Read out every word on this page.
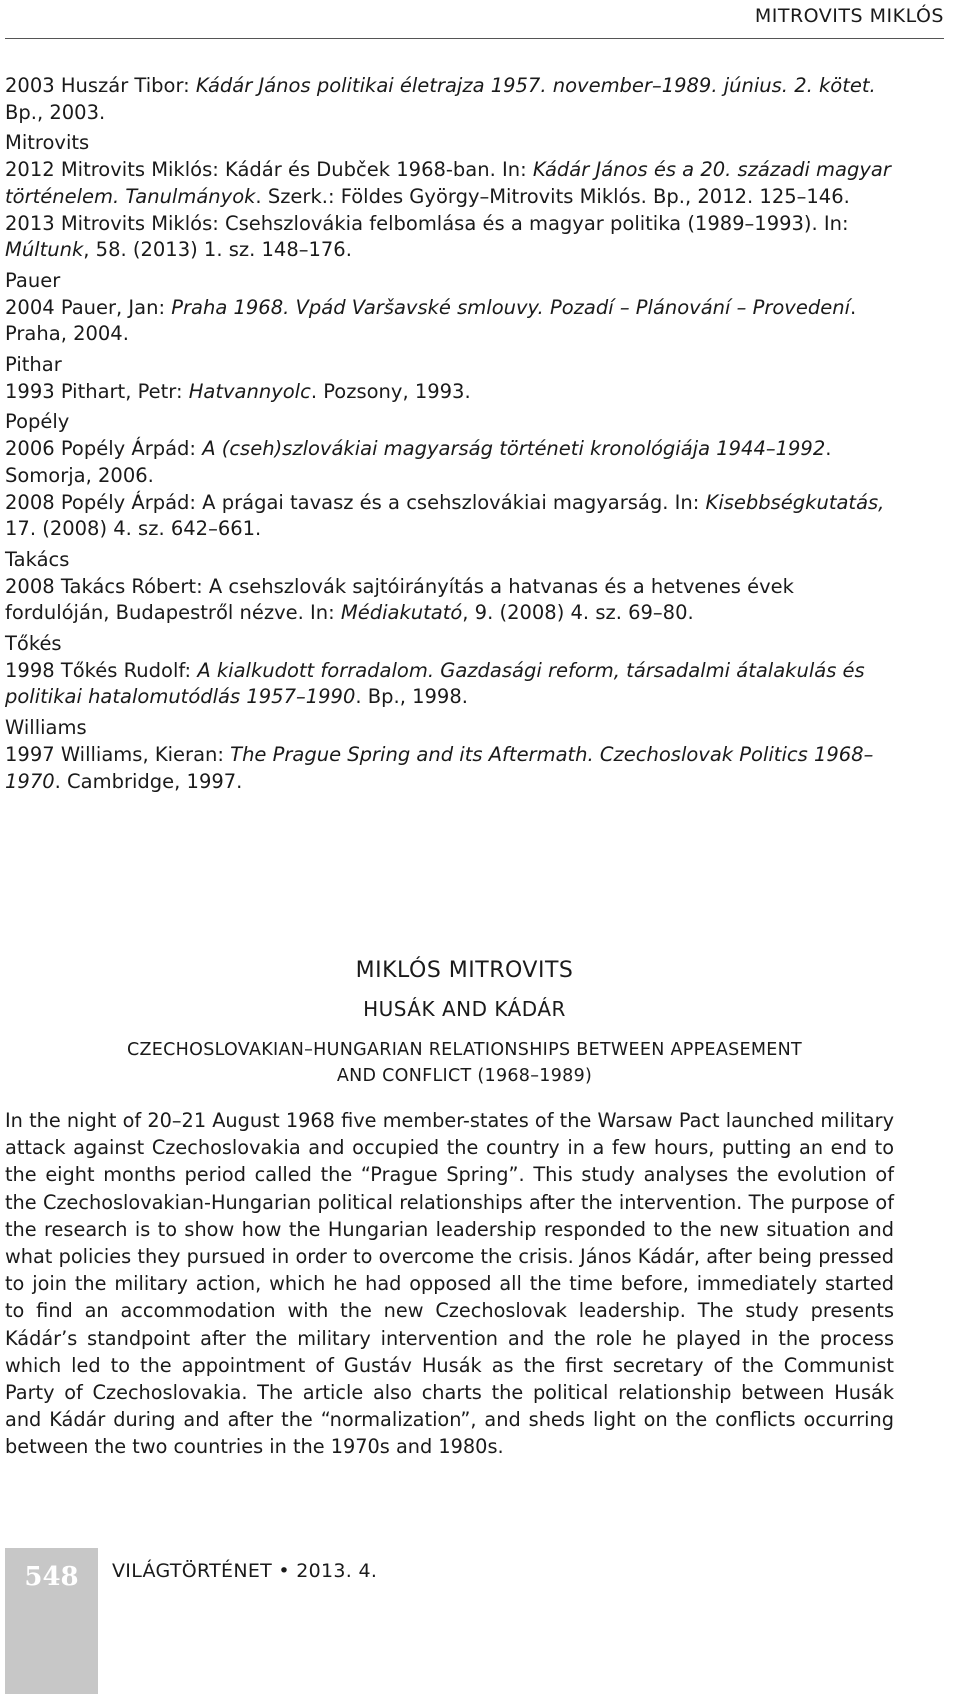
MITROVITS MIKLÓS
2003 Huszár Tibor: Kádár János politikai életrajza 1957. november–1989. június. 2. kötet. Bp., 2003.
Mitrovits
2012 Mitrovits Miklós: Kádár és Dubček 1968-ban. In: Kádár János és a 20. századi magyar történelem. Tanulmányok. Szerk.: Földes György–Mitrovits Miklós. Bp., 2012. 125–146.
2013 Mitrovits Miklós: Csehszlovákia felbomlása és a magyar politika (1989–1993). In: Múltunk, 58. (2013) 1. sz. 148–176.
Pauer
2004 Pauer, Jan: Praha 1968. Vpád Varšavské smlouvy. Pozadí – Plánování – Provedení. Praha, 2004.
Pithar
1993 Pithart, Petr: Hatvannyolc. Pozsony, 1993.
Popély
2006 Popély Árpád: A (cseh)szlovákiai magyarság történeti kronológiája 1944–1992. Somorja, 2006.
2008 Popély Árpád: A prágai tavasz és a csehszlovákiai magyarság. In: Kisebbségkutatás, 17. (2008) 4. sz. 642–661.
Takács
2008 Takács Róbert: A csehszlovák sajtóirányítás a hatvanas és a hetvenes évek fordulóján, Budapestről nézve. In: Médiakutató, 9. (2008) 4. sz. 69–80.
Tőkés
1998 Tőkés Rudolf: A kialkudott forradalom. Gazdasági reform, társadalmi átalakulás és politikai hatalomutódlás 1957–1990. Bp., 1998.
Williams
1997 Williams, Kieran: The Prague Spring and its Aftermath. Czechoslovak Politics 1968–1970. Cambridge, 1997.
MIKLÓS MITROVITS
HUSÁK AND KÁDÁR
CZECHOSLOVAKIAN–HUNGARIAN RELATIONSHIPS BETWEEN APPEASEMENT
AND CONFLICT (1968–1989)
In the night of 20–21 August 1968 five member-states of the Warsaw Pact launched military attack against Czechoslovakia and occupied the country in a few hours, putting an end to the eight months period called the “Prague Spring”. This study analyses the evolution of the Czechoslovakian-Hungarian political relationships after the intervention. The purpose of the research is to show how the Hungarian leadership responded to the new situation and what policies they pursued in order to overcome the crisis. János Kádár, after being pressed to join the military action, which he had opposed all the time before, immediately started to find an accommodation with the new Czechoslovak leadership. The study presents Kádár’s standpoint after the military intervention and the role he played in the process which led to the appointment of Gustáv Husák as the first secretary of the Communist Party of Czechoslovakia. The article also charts the political relationship between Husák and Kádár during and after the “normalization”, and sheds light on the conflicts occurring between the two countries in the 1970s and 1980s.
548	VILÁGTÖRTÉNET • 2013. 4.
